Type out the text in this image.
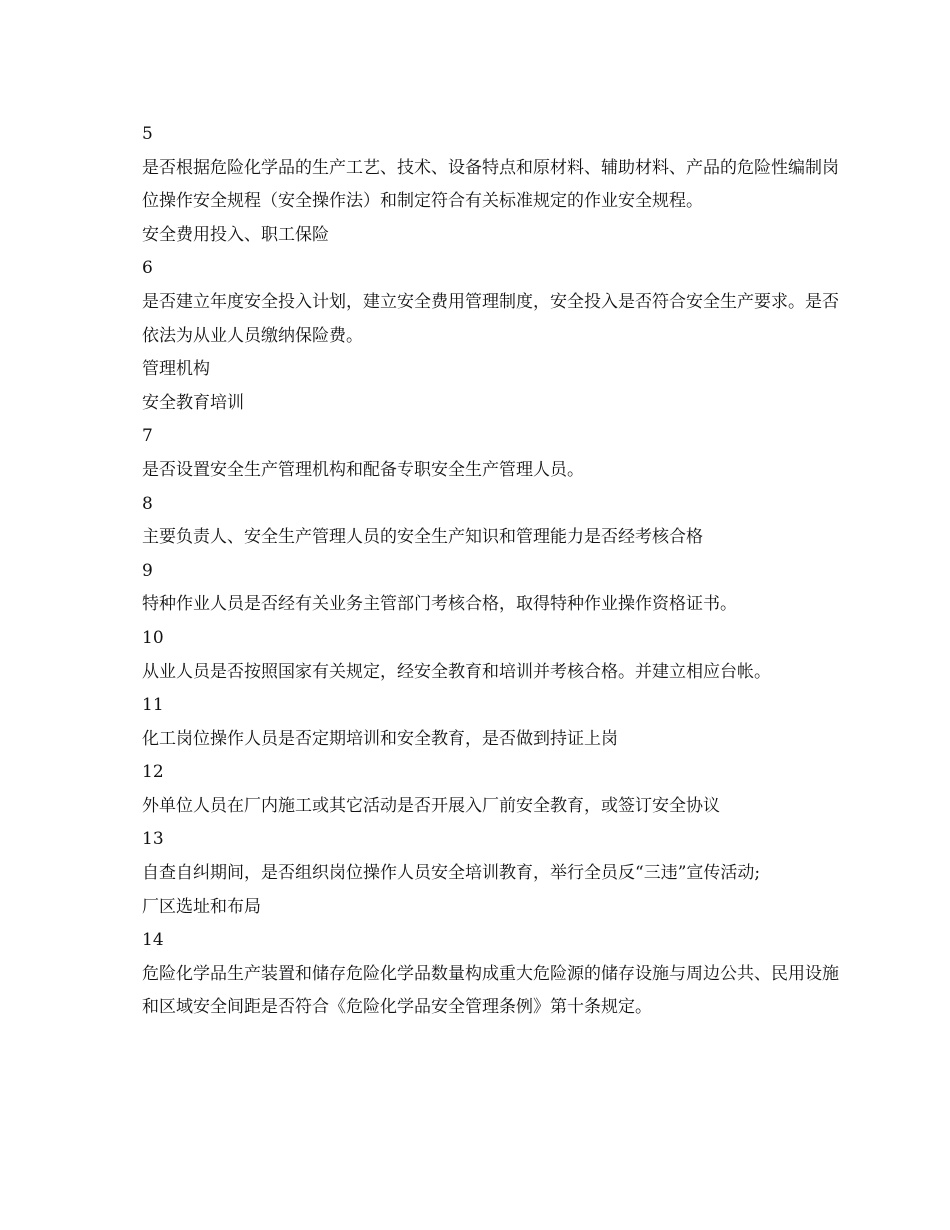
5
是否根据危险化学品的生产工艺、技术、设备特点和原材料、辅助材料、产品的危险性编制岗位操作安全规程（安全操作法）和制定符合有关标准规定的作业安全规程。
安全费用投入、职工保险
6
是否建立年度安全投入计划，建立安全费用管理制度，安全投入是否符合安全生产要求。是否依法为从业人员缴纳保险费。
管理机构
安全教育培训
7
是否设置安全生产管理机构和配备专职安全生产管理人员。
8
主要负责人、安全生产管理人员的安全生产知识和管理能力是否经考核合格
9
特种作业人员是否经有关业务主管部门考核合格，取得特种作业操作资格证书。
10
从业人员是否按照国家有关规定，经安全教育和培训并考核合格。并建立相应台帐。
11
化工岗位操作人员是否定期培训和安全教育，是否做到持证上岗
12
外单位人员在厂内施工或其它活动是否开展入厂前安全教育，或签订安全协议
13
自查自纠期间，是否组织岗位操作人员安全培训教育，举行全员反“三违”宣传活动;
厂区选址和布局
14
危险化学品生产装置和储存危险化学品数量构成重大危险源的储存设施与周边公共、民用设施和区域安全间距是否符合《危险化学品安全管理条例》第十条规定。
